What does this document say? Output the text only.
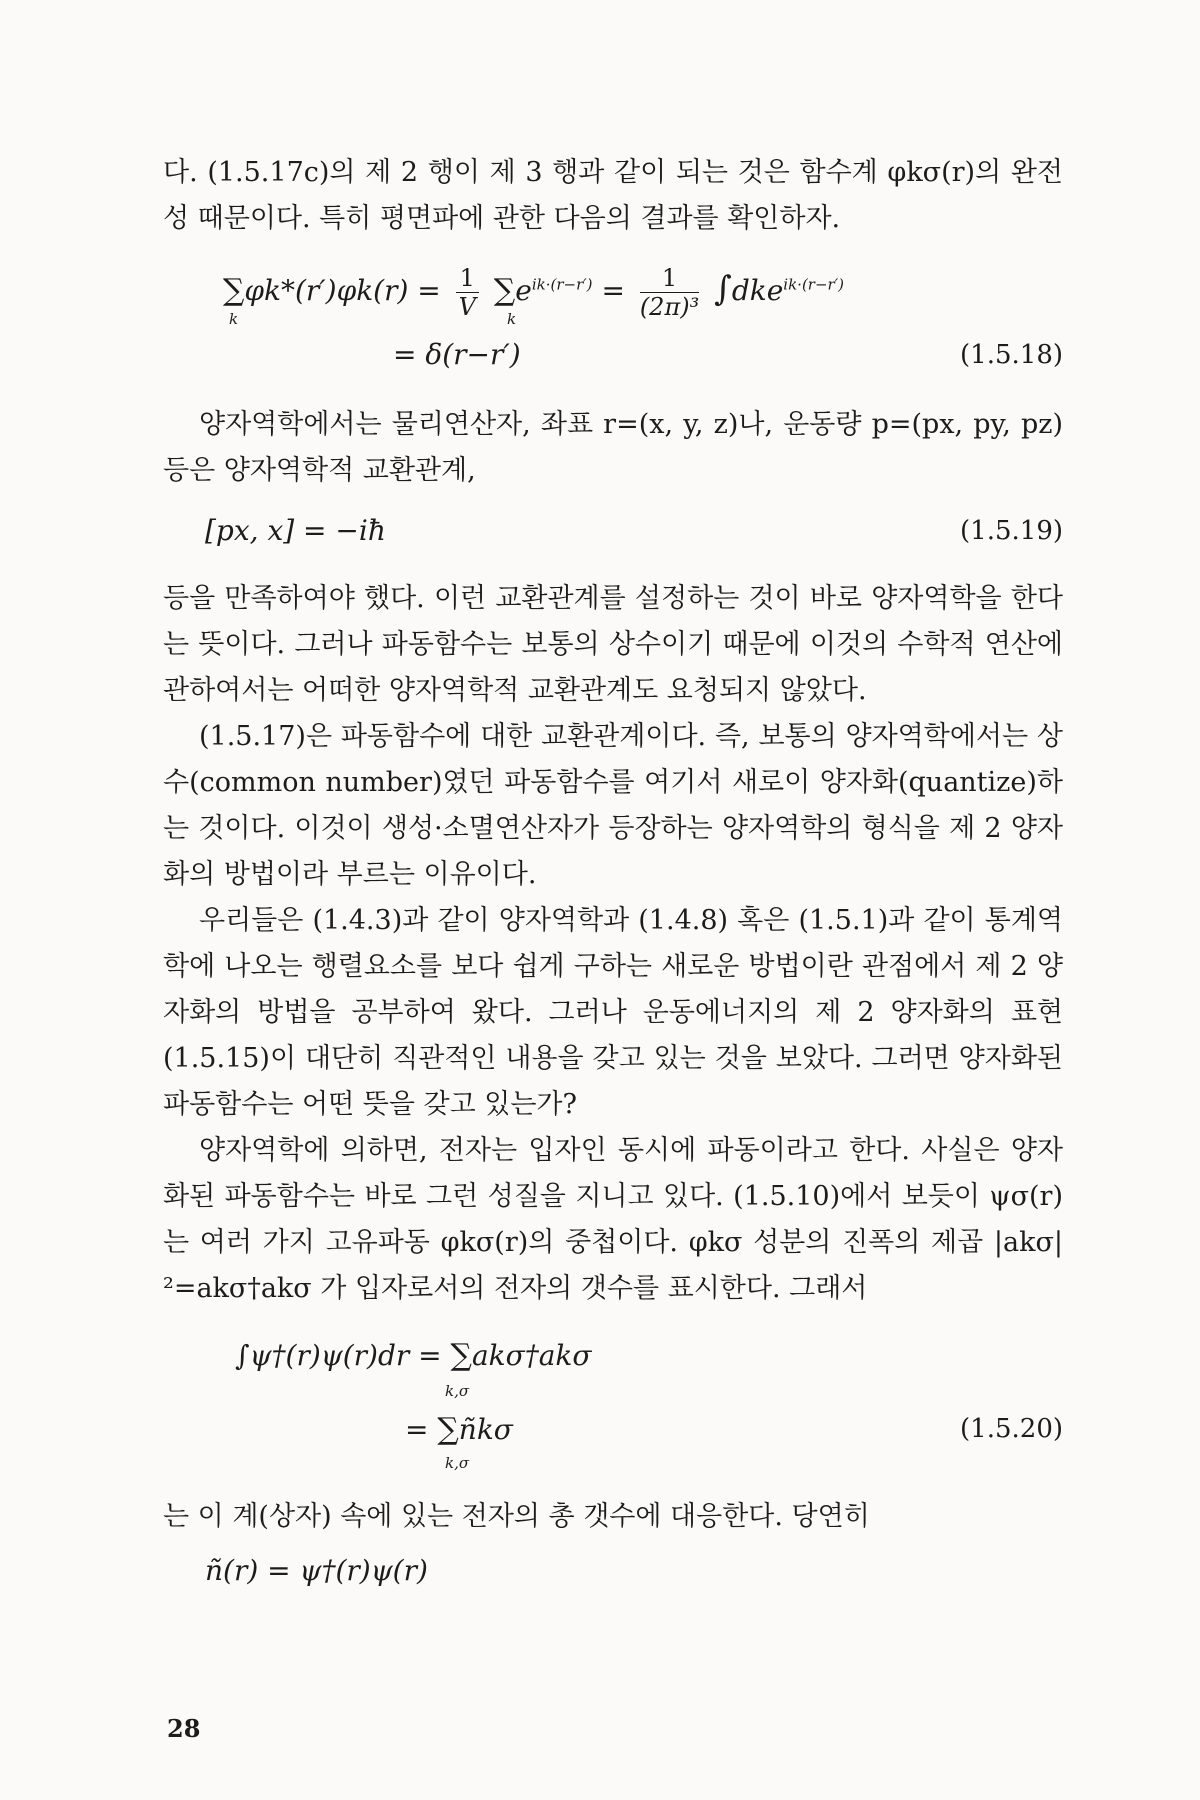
다. (1.5.17c)의 제 2 행이 제 3 행과 같이 되는 것은 함수계 φkσ(r)의 완전성 때문이다. 특히 평면파에 관한 다음의 결과를 확인하자.

$\sum\varphi k*(r')\varphi k(r) = \frac{1}{V} \sum e^{ik\cdot(r-r')} = \frac{1}{\text{(2π)³}} \int dke^{ik\cdot(r-r')}$
k	k
= δ(r−r′)	(1.5.18)

양자역학에서는 물리연산자, 좌표 r=(x, y, z)나, 운동량 p=(px, py, pz) 등은 양자역학적 교환관계,

[px, x] = −iħ	(1.5.19)

등을 만족하여야 했다. 이런 교환관계를 설정하는 것이 바로 양자역학을 한다는 뜻이다. 그러나 파동함수는 보통의 상수이기 때문에 이것의 수학적 연산에 관하여서는 어떠한 양자역학적 교환관계도 요청되지 않았다.

(1.5.17)은 파동함수에 대한 교환관계이다. 즉, 보통의 양자역학에서는 상수(common number)였던 파동함수를 여기서 새로이 양자화(quantize)하는 것이다. 이것이 생성·소멸연산자가 등장하는 양자역학의 형식을 제 2 양자화의 방법이라 부르는 이유이다.

우리들은 (1.4.3)과 같이 양자역학과 (1.4.8) 혹은 (1.5.1)과 같이 통계역학에 나오는 행렬요소를 보다 쉽게 구하는 새로운 방법이란 관점에서 제 2 양자화의 방법을 공부하여 왔다. 그러나 운동에너지의 제 2 양자화의 표현 (1.5.15)이 대단히 직관적인 내용을 갖고 있는 것을 보았다. 그러면 양자화된 파동함수는 어떤 뜻을 갖고 있는가?

양자역학에 의하면, 전자는 입자인 동시에 파동이라고 한다. 사실은 양자화된 파동함수는 바로 그런 성질을 지니고 있다. (1.5.10)에서 보듯이 ψσ(r)는 여러 가지 고유파동 φkσ(r)의 중첩이다. φkσ 성분의 진폭의 제곱 |akσ|²=akσ†akσ 가 입자로서의 전자의 갯수를 표시한다. 그래서

∫ψ†(r)ψ(r)dr = ∑akσ†akσ
k,σ
= ∑ñkσ
k,σ
(1.5.20)

는 이 계(상자) 속에 있는 전자의 총 갯수에 대응한다. 당연히

ñ(r) = ψ†(r)ψ(r)
28
